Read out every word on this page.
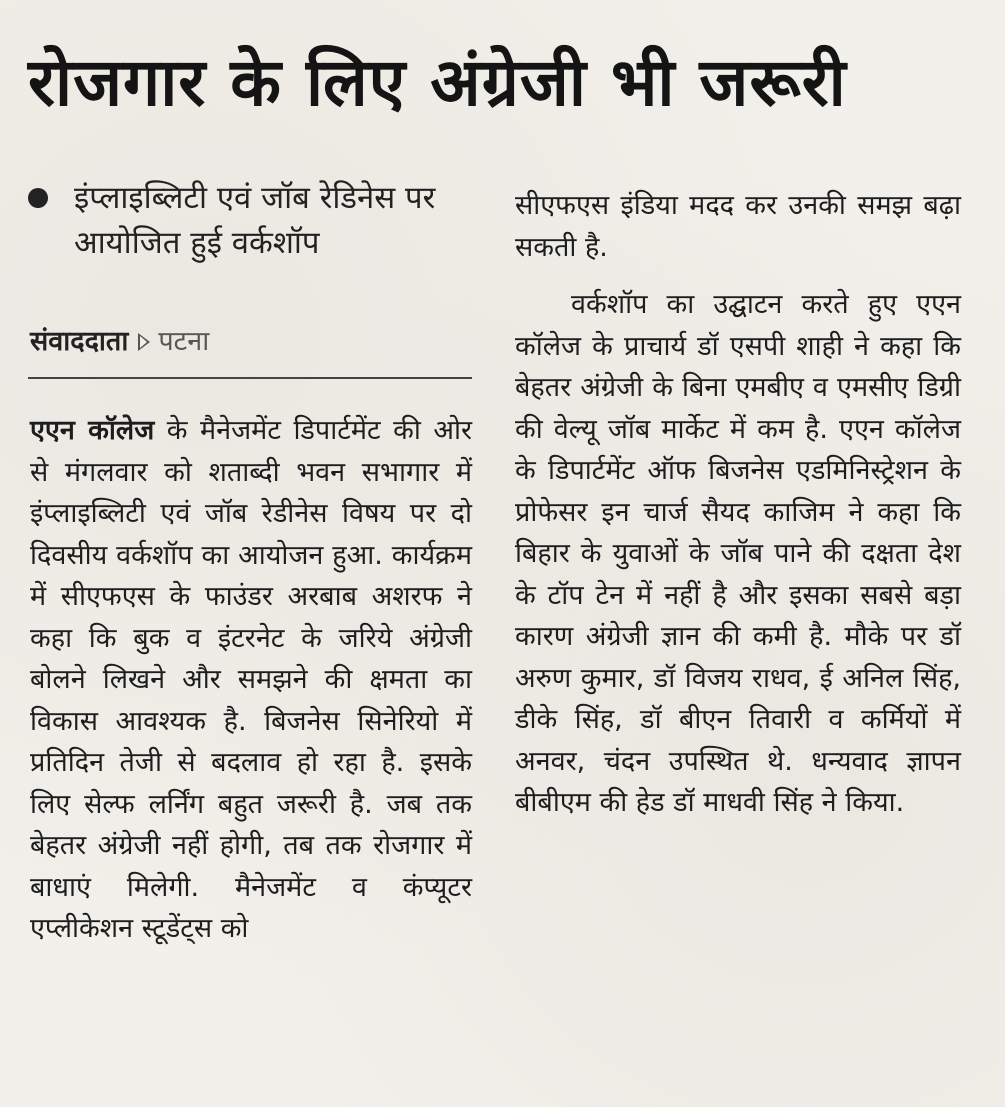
रोजगार के लिए अंग्रेजी भी जरूरी
इंप्लाइब्लिटी एवं जॉब रेडिनेस पर आयोजित हुई वर्कशॉप
संवाददाता पटना

एएन कॉलेज के मैनेजमेंट डिपार्टमेंट की ओर से मंगलवार को शताब्दी भवन सभागार में इंप्लाइब्लिटी एवं जॉब रेडीनेस विषय पर दो दिवसीय वर्कशॉप का आयोजन हुआ. कार्यक्रम में सीएफएस के फाउंडर अरबाब अशरफ ने कहा कि बुक व इंटरनेट के जरिये अंग्रेजी बोलने लिखने और समझने की क्षमता का विकास आवश्यक है. बिजनेस सिनेरियो में प्रतिदिन तेजी से बदलाव हो रहा है. इसके लिए सेल्फ लर्निंग बहुत जरूरी है. जब तक बेहतर अंग्रेजी नहीं होगी, तब तक रोजगार में बाधाएं मिलेगी. मैनेजमेंट व कंप्यूटर एप्लीकेशन स्टूडेंट्स को

सीएफएस इंडिया मदद कर उनकी समझ बढ़ा सकती है.

वर्कशॉप का उद्घाटन करते हुए एएन कॉलेज के प्राचार्य डॉ एसपी शाही ने कहा कि बेहतर अंग्रेजी के बिना एमबीए व एमसीए डिग्री की वेल्यू जॉब मार्केट में कम है. एएन कॉलेज के डिपार्टमेंट ऑफ बिजनेस एडमिनिस्ट्रेशन के प्रोफेसर इन चार्ज सैयद काजिम ने कहा कि बिहार के युवाओं के जॉब पाने की दक्षता देश के टॉप टेन में नहीं है और इसका सबसे बड़ा कारण अंग्रेजी ज्ञान की कमी है. मौके पर डॉ अरुण कुमार, डॉ विजय राधव, ई अनिल सिंह, डीके सिंह, डॉ बीएन तिवारी व कर्मियों में अनवर, चंदन उपस्थित थे. धन्यवाद ज्ञापन बीबीएम की हेड डॉ माधवी सिंह ने किया.
